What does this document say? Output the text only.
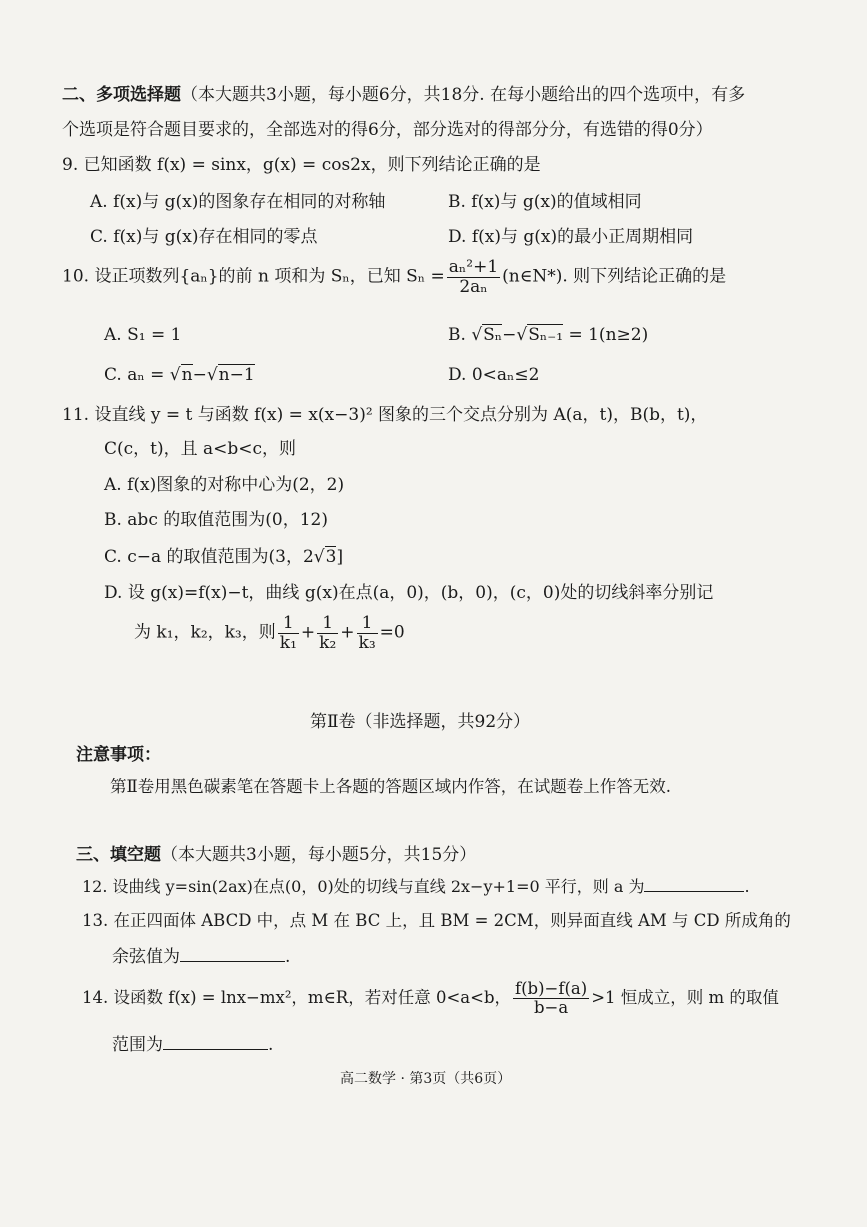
二、多项选择题（本大题共3小题，每小题6分，共18分. 在每小题给出的四个选项中，有多
个选项是符合题目要求的，全部选对的得6分，部分选对的得部分分，有选错的得0分）
9. 已知函数 f(x) = sinx，g(x) = cos2x，则下列结论正确的是
A. f(x)与 g(x)的图象存在相同的对称轴	B. f(x)与 g(x)的值域相同
C. f(x)与 g(x)存在相同的零点	D. f(x)与 g(x)的最小正周期相同
10. 设正项数列{aₙ}的前 n 项和为 Sₙ，已知 $S_n = \frac{\text{aₙ²+1}}{\text{2aₙ}}$ (n∈N*). 则下列结论正确的是
A. S₁ = 1	B. √Sₙ−√Sₙ₋₁ = 1(n≥2)
C. aₙ = √n−√n−1	D. 0<aₙ≤2
11. 设直线 y = t 与函数 f(x) = x(x−3)² 图象的三个交点分别为 A(a，t)，B(b，t)，
C(c，t)，且 a<b<c，则
A. f(x)图象的对称中心为(2，2)
B. abc 的取值范围为(0，12)
C. c−a 的取值范围为(3，2√3]
D. 设 g(x)=f(x)−t，曲线 g(x)在点(a，0)，(b，0)，(c，0)处的切线斜率分别记
为 k₁，k₂，k₃，则 $\frac{1}{\text{k₁}} + \frac{1}{\text{k₂}} + \frac{1}{\text{k₃}} =0$
第Ⅱ卷（非选择题，共92分）
注意事项：
第Ⅱ卷用黑色碳素笔在答题卡上各题的答题区域内作答，在试题卷上作答无效.
三、填空题（本大题共3小题，每小题5分，共15分）
12. 设曲线 y=sin(2ax)在点(0，0)处的切线与直线 2x−y+1=0 平行，则 a 为	.
13. 在正四面体 ABCD 中，点 M 在 BC 上，且 BM = 2CM，则异面直线 AM 与 CD 所成角的
余弦值为	.
14. 设函数 f(x) = lnx−mx²，m∈R，若对任意 0<a<b， $\frac{f(b)-f(a)}{b-a} >1$ 恒成立，则 m 的取值
范围为	.
高二数学 · 第3页（共6页）
